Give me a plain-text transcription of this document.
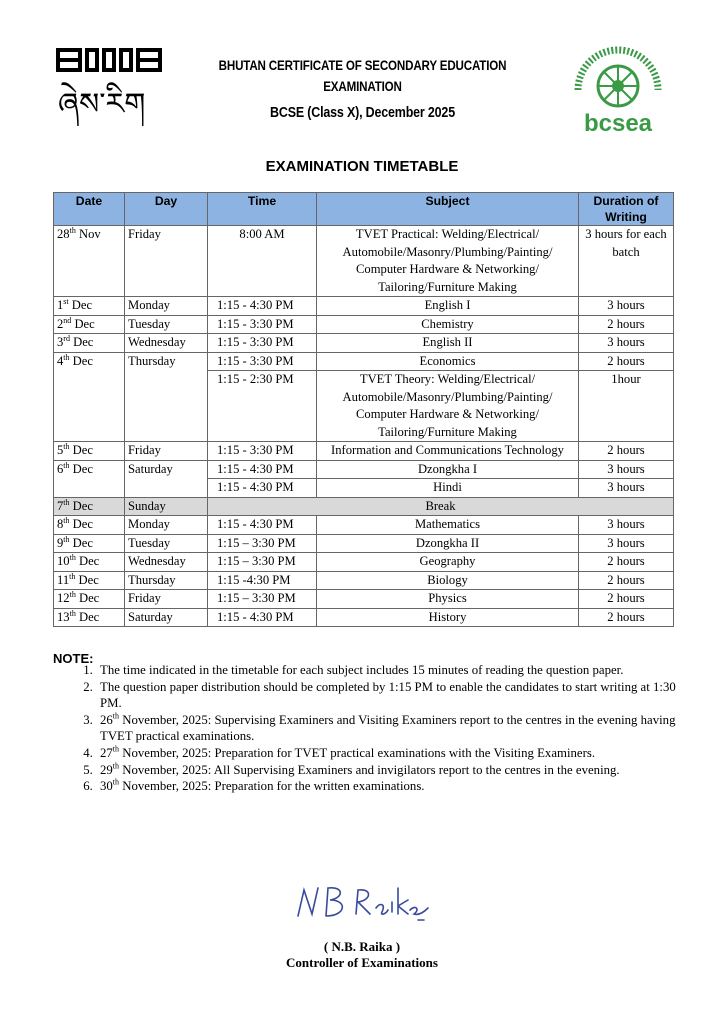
ཞེས་རིག
BHUTAN CERTIFICATE OF SECONDARY EDUCATION
EXAMINATION
BCSE (Class X), December 2025	bcsea
EXAMINATION TIMETABLE
Date	Day	Time	Subject	Duration of Writing
28th Nov	Friday	8:00 AM	TVET Practical: Welding/Electrical/ Automobile/Masonry/Plumbing/Painting/ Computer Hardware & Networking/ Tailoring/Furniture Making	3 hours for each batch
1st Dec	Monday	1:15 - 4:30 PM	English I	3 hours
2nd Dec	Tuesday	1:15 - 3:30 PM	Chemistry	2 hours
3rd Dec	Wednesday	1:15 - 3:30 PM	English II	3 hours
4th Dec	Thursday	1:15 - 3:30 PM	Economics	2 hours
		1:15 - 2:30 PM	TVET Theory: Welding/Electrical/ Automobile/Masonry/Plumbing/Painting/ Computer Hardware & Networking/ Tailoring/Furniture Making	1hour
5th Dec	Friday	1:15 - 3:30 PM	Information and Communications Technology	2 hours
6th Dec	Saturday	1:15 - 4:30 PM	Dzongkha I	3 hours
		1:15 - 4:30 PM	Hindi	3 hours
7th Dec	Sunday	Break		
8th Dec	Monday	1:15 - 4:30 PM	Mathematics	3 hours
9th Dec	Tuesday	1:15 – 3:30 PM	Dzongkha II	3 hours
10th Dec	Wednesday	1:15 – 3:30 PM	Geography	2 hours
11th Dec	Thursday	1:15 -4:30 PM	Biology	2 hours
12th Dec	Friday	1:15 – 3:30 PM	Physics	2 hours
13th Dec	Saturday	1:15 - 4:30 PM	History	2 hours
NOTE:
1. The time indicated in the timetable for each subject includes 15 minutes of reading the question paper.
2. The question paper distribution should be completed by 1:15 PM to enable the candidates to start writing at 1:30 PM.
3. 26th November, 2025: Supervising Examiners and Visiting Examiners report to the centres in the evening having TVET practical examinations.
4. 27th November, 2025: Preparation for TVET practical examinations with the Visiting Examiners.
5. 29th November, 2025: All Supervising Examiners and invigilators report to the centres in the evening.
6. 30th November, 2025: Preparation for the written examinations.
( N.B. Raika )
Controller of Examinations
